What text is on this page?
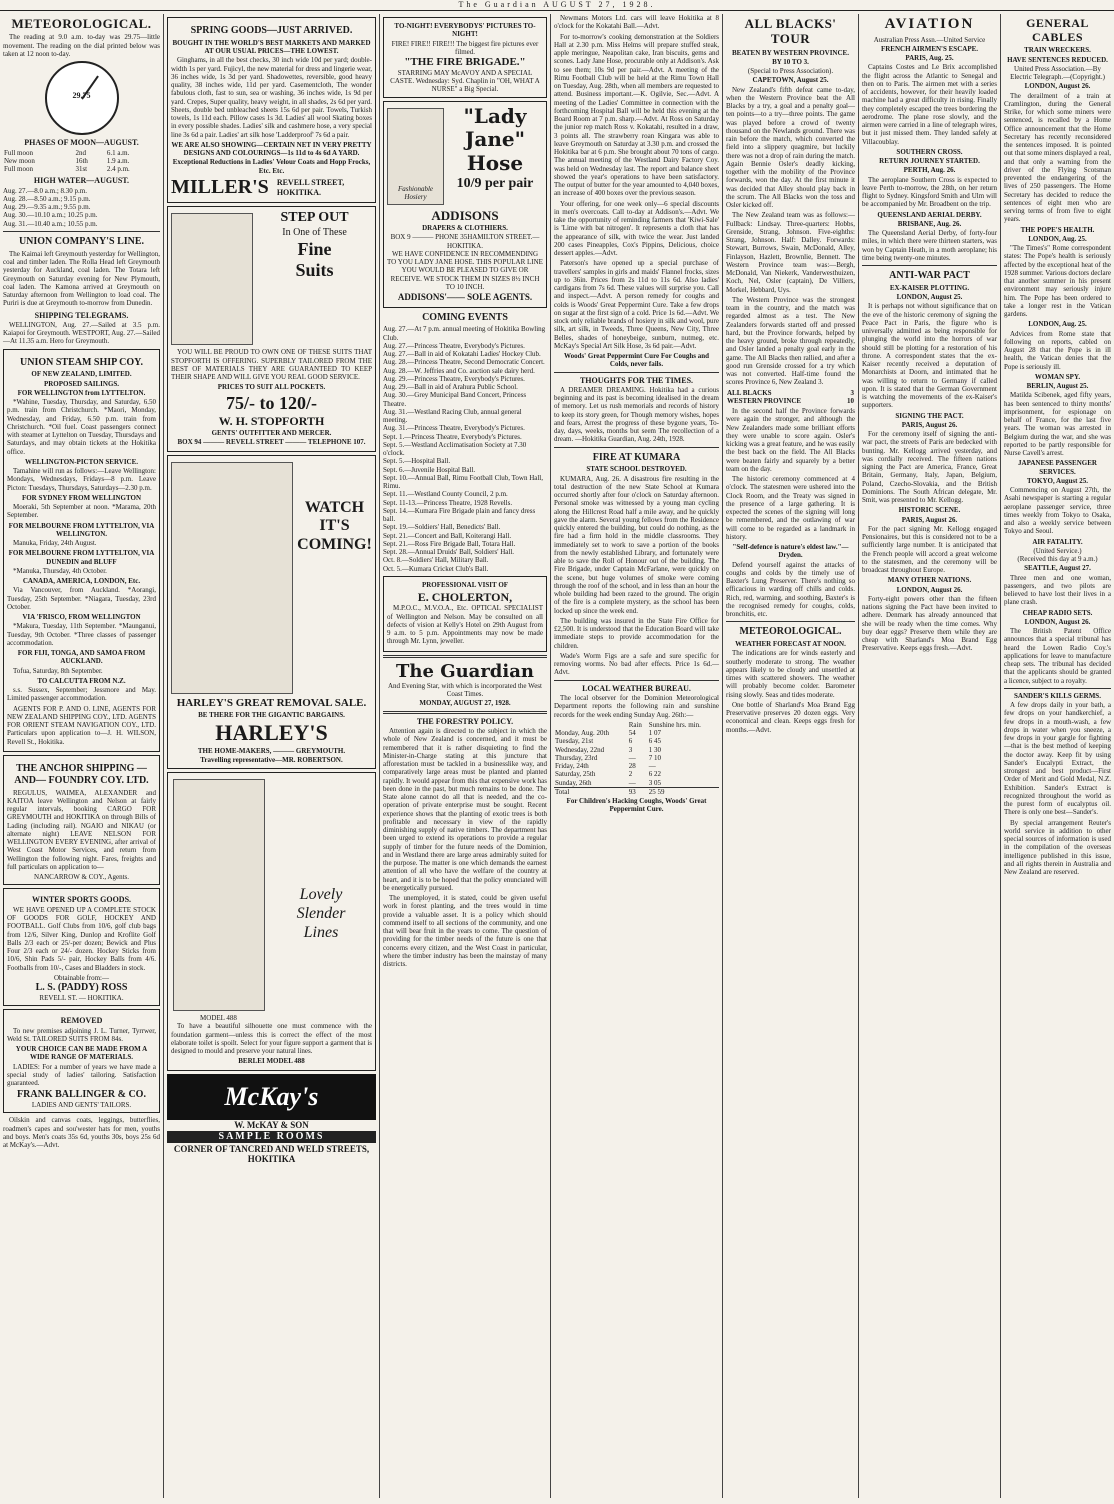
The Guardian AUGUST 27, 1928.
METEOROLOGICAL.

The reading at 9.0 a.m. to-day was 29.75—little movement. The reading on the dial printed below was taken at 12 noon to-day.

29.75
PHASES OF MOON—AUGUST.
Full moon	2nd	6.1 a.m.
New moon	16th	1.9 a.m.
Full moon	31st	2.4 p.m.
HIGH WATER—AUGUST.
Aug. 27.—8.0 a.m.; 8.30 p.m.
Aug. 28.—8.50 a.m.; 9.15 p.m.
Aug. 29.—9.35 a.m.; 9.55 p.m.
Aug. 30.—10.10 a.m.; 10.25 p.m.
Aug. 31.—10.40 a.m.; 10.55 p.m.
UNION COMPANY'S LINE.

The Kaimai left Greymouth yesterday for Wellington, coal and timber laden. The Rolla Head left Greymouth yesterday for Auckland, coal laden. The Totara left Greymouth on Saturday evening for New Plymouth, coal laden. The Kamona arrived at Greymouth on Saturday afternoon from Wellington to load coal. The Puriri is due at Greymouth to-morrow from Dunedin.

SHIPPING TELEGRAMS.

WELLINGTON, Aug. 27.—Sailed at 3.5 p.m. Kaiapoi for Greymouth. WESTPORT, Aug. 27.—Sailed—At 11.35 a.m. Hero for Greymouth.

UNION STEAM SHIP COY.
OF NEW ZEALAND, LIMITED.
PROPOSED SAILINGS.
FOR WELLINGTON from LYTTELTON.

*Wahine, Tuesday, Thursday, and Saturday, 6.50 p.m. train from Christchurch. *Maori, Monday, Wednesday, and Friday, 6.50 p.m. train from Christchurch. *Oil fuel. Coast passengers connect with steamer at Lyttelton on Tuesday, Thursdays and Saturdays, and may obtain tickets at the Hokitika office.

WELLINGTON-PICTON SERVICE.

Tamahine will run as follows:—Leave Wellington: Mondays, Wednesdays, Fridays—8 p.m. Leave Picton: Tuesdays, Thursdays, Saturdays—2.30 p.m.

FOR SYDNEY FROM WELLINGTON

Moeraki, 5th September at noon. *Marama, 20th September.

FOR MELBOURNE FROM LYTTELTON, VIA WELLINGTON.

Manuka, Friday, 24th August.

FOR MELBOURNE FROM LYTTELTON, VIA DUNEDIN and BLUFF

*Manuka, Thursday, 4th October.

CANADA, AMERICA, LONDON, Etc.

Via Vancouver, from Auckland. *Aorangi, Tuesday, 25th September. *Niagara, Tuesday, 23rd October.

VIA 'FRISCO, FROM WELLINGTON

*Makura, Tuesday, 11th September. *Maunganui, Tuesday, 9th October. *Three classes of passenger accommodation.

FOR FIJI, TONGA, AND SAMOA FROM AUCKLAND.

Tofua, Saturday, 8th September.

TO CALCUTTA FROM N.Z.

s.s. Sussex, September; Jessmore and May. Limited passenger accommodation.

AGENTS FOR P. AND O. LINE, AGENTS FOR NEW ZEALAND SHIPPING COY., LTD. AGENTS FOR ORIENT STEAM NAVIGATION COY., LTD. Particulars upon application to—J. H. WILSON, Revell St., Hokitika.

THE ANCHOR SHIPPING —AND— FOUNDRY COY. LTD.

REGULUS, WAIMEA, ALEXANDER and KAITOA leave Wellington and Nelson at fairly regular intervals, booking CARGO FOR GREYMOUTH and HOKITIKA on through Bills of Lading (including rail). NGAIO and NIKAU (or alternate night) LEAVE NELSON FOR WELLINGTON EVERY EVENING, after arrival of West Coast Motor Services, and return from Wellington the following night. Fares, freights and full particulars on application to—

NANCARROW & COY., Agents.
WINTER SPORTS GOODS.

WE HAVE OPENED UP A COMPLETE STOCK OF GOODS FOR GOLF, HOCKEY AND FOOTBALL. Golf Clubs from 10/6, golf club bags from 12/6, Silver King, Dunlop and Kroflite Golf Balls 2/3 each or 25/-per dozen; Bewick and Plus Four 2/3 each or 24/- dozen. Hockey Sticks from 10/6, Shin Pads 5/- pair, Hockey Balls from 4/6. Footballs from 10/-, Cases and Bladders in stock.

Obtainable from:—
L. S. (PADDY) ROSS
REVELL ST. — HOKITIKA.
REMOVED

To new premises adjoining J. L. Turner, Tyrrwer, Weld St. TAILORED SUITS FROM 84s.

YOUR CHOICE CAN BE MADE FROM A WIDE RANGE OF MATERIALS.

LADIES: For a number of years we have made a special study of ladies' tailoring. Satisfaction guaranteed.

FRANK BALLINGER & CO.
LADIES AND GENTS' TAILORS.

Oilskin and canvas coats, leggings, butterflies, roadmen's capes and sou'wester hats for men, youths and boys. Men's coats 35s 6d, youths 30s, boys 25s 6d at McKay's.—Advt.

SPRING GOODS—JUST ARRIVED.
BOUGHT IN THE WORLD'S BEST MARKETS AND MARKED AT OUR USUAL PRICES—THE LOWEST.

Ginghams, in all the best checks, 30 inch wide 10d per yard; double-width 1s per yard. Fujicyl, the new material for dress and lingerie wear, 36 inches wide, 1s 3d per yard. Shadowettes, reversible, good heavy quality, 38 inches wide, 11d per yard. Casementcloth, The wonder fabulous cloth, fast to sun, sea or washing, 36 inches wide, 1s 9d per yard. Crepes, Super quality, heavy weight, in all shades, 2s 6d per yard. Sheets, double bed unbleached sheets 15s 6d per pair. Towels, Turkish towels, 1s 11d each. Pillow cases 1s 3d. Ladies' all wool Skating boxes in every possible shades. Ladies' silk and cashmere hose, a very special line 3s 6d a pair. Ladies' art silk hose 'Ladderproof' 7s 6d a pair.

WE ARE ALSO SHOWING—CERTAIN NET IN VERY PRETTY DESIGNS AND COLOURINGS—1s 11d to 4s 6d A YARD.
Exceptional Reductions in Ladies' Velour Coats and Hopp Frocks, Etc. Etc.
MILLER'S REVELL STREET, HOKITIKA.
STEP OUT
In One of These
Fine
Suits

YOU WILL BE PROUD TO OWN ONE OF THESE SUITS THAT STOPFORTH IS OFFERING. SUPERBLY TAILORED FROM THE BEST OF MATERIALS THEY ARE GUARANTEED TO KEEP THEIR SHAPE AND WILL GIVE YOU REAL GOOD SERVICE.

PRICES TO SUIT ALL POCKETS.
75/- to 120/-
W. H. STOPFORTH
GENTS' OUTFITTER AND MERCER.
BOX 94 ——— REVELL STREET ——— TELEPHONE 107.
WATCH
IT'S
COMING!
HARLEY'S GREAT REMOVAL SALE.
BE THERE FOR THE GIGANTIC BARGAINS.
HARLEY'S
THE HOME-MAKERS, ——— GREYMOUTH.
Travelling representative—MR. ROBERTSON.
MODEL 488
Lovely
Slender
Lines

To have a beautiful silhouette one must commence with the foundation garment—unless this is correct the effect of the most elaborate toilet is spoilt. Select for your figure support a garment that is designed to mould and preserve your natural lines.

BERLEI MODEL 488
McKay's
W. McKAY & SON
SAMPLE ROOMS
CORNER OF TANCRED AND WELD STREETS, HOKITIKA
TO-NIGHT! EVERYBODYS' PICTURES TO-NIGHT!
FIRE! FIRE!! FIRE!!! The biggest fire pictures ever filmed.
"THE FIRE BRIGADE."
STARRING MAY McAVOY AND A SPECIAL CASTE. Wednesday: Syd. Chaplin in "OH, WHAT A NURSE" a Big Special.
Fashionable Hosiery
"Lady Jane"
Hose
10/9 per pair
ADDISONS
DRAPERS & CLOTHIERS.
BOX 9 ——— PHONE 35HAMILTON STREET.—HOKITIKA.
WE HAVE CONFIDENCE IN RECOMMENDING TO YOU LADY JANE HOSE. THIS POPULAR LINE YOU WOULD BE PLEASED TO GIVE OR RECEIVE. WE STOCK THEM IN SIZES 8½ INCH TO 10 INCH.
ADDISONS'—— SOLE AGENTS.
COMING EVENTS
Aug. 27.—At 7 p.m. annual meeting of Hokitika Bowling Club.
Aug. 27.—Princess Theatre, Everybody's Pictures.
Aug. 27.—Ball in aid of Kokatahi Ladies' Hockey Club.
Aug. 28.—Princess Theatre, Second Democratic Concert.
Aug. 28.—W. Jeffries and Co. auction sale dairy herd.
Aug. 29.—Princess Theatre, Everybody's Pictures.
Aug. 29.—Ball in aid of Arahura Public School.
Aug. 30.—Grey Municipal Band Concert, Princess Theatre.
Aug. 31.—Westland Racing Club, annual general meeting.
Aug. 31.—Princess Theatre, Everybody's Pictures.
Sept. 1.—Princess Theatre, Everybody's Pictures.
Sept. 5.—Westland Acclimatisation Society at 7.30 o'clock.
Sept. 5.—Hospital Ball.
Sept. 6.—Juvenile Hospital Ball.
Sept. 10.—Annual Ball, Rimu Football Club, Town Hall, Rimu.
Sept. 11.—Westland County Council, 2 p.m.
Sept. 11-13.—Princess Theatre, 1928 Revells.
Sept. 14.—Kumara Fire Brigade plain and fancy dress ball.
Sept. 19.—Soldiers' Hall, Benedicts' Ball.
Sept. 21.—Concert and Ball, Koiterangi Hall.
Sept. 21.—Ross Fire Brigade Ball, Totara Hall.
Sept. 28.—Annual Druids' Ball, Soldiers' Hall.
Oct. 8.—Soldiers' Hall, Military Ball.
Oct. 5.—Kumara Cricket Club's Ball.
PROFESSIONAL VISIT OF
E. CHOLERTON,

M.P.O.C., M.V.O.A., Etc. OPTICAL SPECIALIST of Wellington and Nelson. May be consulted on all defects of vision at Kelly's Hotel on 29th August from 9 a.m. to 5 p.m. Appointments may now be made through Mr. Lynn, jeweller.

The Guardian
And Evening Star, with which is incorporated the West Coast Times.
MONDAY, AUGUST 27, 1928.
THE FORESTRY POLICY.

Attention again is directed to the subject in which the whole of New Zealand is concerned, and it must be remembered that it is rather disquieting to find the Minister-in-Charge stating at this juncture that afforestation must be tackled in a businesslike way, and comparatively large areas must be planted and planted rapidly. It would appear from this that expensive work has been done in the past, but much remains to be done. The State alone cannot do all that is needed, and the co-operation of private enterprise must be sought. Recent experience shows that the planting of exotic trees is both profitable and necessary in view of the rapidly diminishing supply of native timbers. The department has been urged to extend its operations to provide a regular supply of timber for the future needs of the Dominion, and in Westland there are large areas admirably suited for the purpose. The matter is one which demands the earnest attention of all who have the welfare of the country at heart, and it is to be hoped that the policy enunciated will be energetically pursued.

The unemployed, it is stated, could be given useful work in forest planting, and the trees would in time provide a valuable asset. It is a policy which should commend itself to all sections of the community, and one that will bear fruit in the years to come. The question of providing for the timber needs of the future is one that concerns every citizen, and the West Coast in particular, where the timber industry has been the mainstay of many districts.

Newmans Motors Ltd. cars will leave Hokitika at 8 o'clock for the Kokatahi Ball.—Advt.

For to-morrow's cooking demonstration at the Soldiers Hall at 2.30 p.m. Miss Helms will prepare stuffed steak, apple meringue, Neapolitan cake, Iran biscuits, gems and scones. Lady Jane Hose, procurable only at Addison's. Ask to see them; 10s 9d per pair.—Advt. A meeting of the Rimu Football Club will be held at the Rimu Town Hall on Tuesday, Aug. 28th, when all members are requested to attend. Business important.—K. Ogilvie, Sec.—Advt. A meeting of the Ladies' Committee in connection with the forthcoming Hospital Ball will be held this evening at the Board Room at 7 p.m. sharp.—Advt. At Ross on Saturday the junior rep match Ross v. Kokatahi, resulted in a draw, 3 points all. The strawberry roan Kingara was able to leave Greymouth on Saturday at 3.30 p.m. and crossed the Hokitika bar at 6 p.m. She brought about 70 tons of cargo. The annual meeting of the Westland Dairy Factory Coy. was held on Wednesday last. The report and balance sheet showed the year's operations to have been satisfactory. The output of butter for the year amounted to 4,040 boxes, an increase of 400 boxes over the previous season.

Your offering, for one week only—6 special discounts in men's overcoats. Call to-day at Addison's.—Advt. We take the opportunity of reminding farmers that 'Kiwi-Sale' is 'Lime with bat nitrogen'. It represents a cloth that has the appearance of silk, with twice the wear. Just landed 200 cases Pineapples, Cox's Pippins, Delicious, choice dessert apples.—Advt.

Paterson's have opened up a special purchase of travellers' samples in girls and maids' Flannel frocks, sizes up to 36in. Prices from 2s 11d to 11s 6d. Also ladies' cardigans from 7s 6d. These values will surprise you. Call and inspect.—Advt. A person remedy for coughs and colds is Woods' Great Peppermint Cure. Take a few drops on sugar at the first sign of a cold. Price 1s 6d.—Advt. We stock only reliable brands of hosiery in silk and wool, pure silk, art silk, in Tweeds, Three Queens, New City, Three Belles, shades of honeybeige, sunburn, nutmeg, etc. McKay's Special Art Silk Hose, 3s 6d pair.—Advt.

Woods' Great Peppermint Cure For Coughs and Colds, never fails.
THOUGHTS FOR THE TIMES.

A DREAMER DREAMING. Hokitika had a curious beginning and its past is becoming idealised in the dream of memory. Let us rush memorials and records of history to keep its story green, for Though memory wishes, hopes and fears, Arrest the progress of these bygone years, To-day, days, weeks, months but seem The recollection of a dream. —Hokitika Guardian, Aug. 24th, 1928.

FIRE AT KUMARA
STATE SCHOOL DESTROYED.

KUMARA, Aug. 26. A disastrous fire resulting in the total destruction of the new State School at Kumara occurred shortly after four o'clock on Saturday afternoon. Personal smoke was witnessed by a young man cycling along the Hillcrest Road half a mile away, and he quickly gave the alarm. Several young fellows from the Residence quickly entered the building, but could do nothing, as the fire had a firm hold in the middle classrooms. They immediately set to work to save a portion of the books from the newly established Library, and fortunately were able to save the Roll of Honour out of the building. The Fire Brigade, under Captain McFarlane, were quickly on the scene, but huge volumes of smoke were coming through the roof of the school, and in less than an hour the whole building had been razed to the ground. The origin of the fire is a complete mystery, as the school has been locked up since the week end.

The building was insured in the State Fire Office for £2,500. It is understood that the Education Board will take immediate steps to provide accommodation for the children.

Wade's Worm Figs are a safe and sure specific for removing worms. No bad after effects. Price 1s 6d.—Advt.

LOCAL WEATHER BUREAU.

The local observer for the Dominion Meteorological Department reports the following rain and sunshine records for the week ending Sunday Aug. 26th:—

	Rain	Sunshine hrs. min.
Monday, Aug. 20th	54	1 07
Tuesday, 21st	6	6 45
Wednesday, 22nd	3	1 30
Thursday, 23rd	—	7 10
Friday, 24th	28	—
Saturday, 25th	2	6 22
Sunday, 26th	—	3 05
Total	93	25 59
For Children's Hacking Coughs, Woods' Great Peppermint Cure.
ALL BLACKS' TOUR
BEATEN BY WESTERN PROVINCE.
BY 10 TO 3.
(Special to Press Association).
CAPETOWN, August 25.

New Zealand's fifth defeat came to-day, when the Western Province beat the All Blacks by a try, a goal and a penalty goal—ten points—to a try—three points. The game was played before a crowd of twenty thousand on the Newlands ground. There was rain before the match, which converted the field into a slippery quagmire, but luckily there was not a drop of rain during the match. Again Bennie Osler's deadly kicking, together with the mobility of the Province forwards, won the day. At the first minute it was decided that Alley should play back in the scrum. The All Blacks won the toss and Osler kicked off.

The New Zealand team was as follows:—Fullback: Lindsay. Three-quarters: Hobbs, Grenside, Strang, Johnson. Five-eighths: Strang, Johnson. Half: Dalley. Forwards: Stewart, Burrows, Swain, McDonald, Alley, Finlayson, Hazlett, Brownlie, Bennett. The Western Province team was:—Bergh, McDonald, Van Niekerk, Vanderwesthuizen, Koch, Nel, Osler (captain), De Villiers, Morkel, Hebbard, Uys.

The Western Province was the strongest team in the country, and the match was regarded almost as a test. The New Zealanders forwards started off and pressed hard, but the Province forwards, helped by the heavy ground, broke through repeatedly, and Osler landed a penalty goal early in the game. The All Blacks then rallied, and after a good run Grenside crossed for a try which was not converted. Half-time found the scores Province 6, New Zealand 3.

ALL BLACKS	3
WESTERN PROVINCE	10

In the second half the Province forwards were again the stronger, and although the New Zealanders made some brilliant efforts they were unable to score again. Osler's kicking was a great feature, and he was easily the best back on the field. The All Blacks were beaten fairly and squarely by a better team on the day.

The historic ceremony commenced at 4 o'clock. The statesmen were ushered into the Clock Room, and the Treaty was signed in the presence of a large gathering. It is expected the scenes of the signing will long be remembered, and the outlawing of war will come to be regarded as a landmark in history.

"Self-defence is nature's eldest law."—Dryden.

Defend yourself against the attacks of coughs and colds by the timely use of Baxter's Lung Preserver. There's nothing so efficacious in warding off chills and colds. Rich, red, warming, and soothing, Baxter's is the recognised remedy for coughs, colds, bronchitis, etc.

METEOROLOGICAL.
WEATHER FORECAST AT NOON.

The indications are for winds easterly and southerly moderate to strong. The weather appears likely to be cloudy and unsettled at times with scattered showers. The weather will probably become colder. Barometer rising slowly. Seas and tides moderate.

One bottle of Sharland's Moa Brand Egg Preservative preserves 20 dozen eggs. Very economical and clean. Keeps eggs fresh for months.—Advt.

AVIATION
Australian Press Assn.—United Service
FRENCH AIRMEN'S ESCAPE.
PARIS, Aug. 25.

Captains Costes and Le Brix accomplished the flight across the Atlantic to Senegal and then on to Paris. The airmen met with a series of accidents, however, for their heavily loaded machine had a great difficulty in rising. Finally they completely escaped the trees bordering the aerodrome. The plane rose slowly, and the airmen were carried in a line of telegraph wires, but it just missed them. They landed safely at Villacoublay.

SOUTHERN CROSS.
RETURN JOURNEY STARTED.
PERTH, Aug. 26.

The aeroplane Southern Cross is expected to leave Perth to-morrow, the 28th, on her return flight to Sydney. Kingsford Smith and Ulm will be accompanied by Mr. Broadbent on the trip.

QUEENSLAND AERIAL DERBY.
BRISBANE, Aug. 26.

The Queensland Aerial Derby, of forty-four miles, in which there were thirteen starters, was won by Captain Heath, in a moth aeroplane; his time being twenty-one minutes.

ANTI-WAR PACT
EX-KAISER PLOTTING.
LONDON, August 25.

It is perhaps not without significance that on the eve of the historic ceremony of signing the Peace Pact in Paris, the figure who is universally admitted as being responsible for plunging the world into the horrors of war should still be plotting for a restoration of his throne. A correspondent states that the ex-Kaiser recently received a deputation of Monarchists at Doorn, and intimated that he was willing to return to Germany if called upon. It is stated that the German Government is watching the movements of the ex-Kaiser's supporters.

SIGNING THE PACT.
PARIS, August 26.

For the ceremony itself of signing the anti-war pact, the streets of Paris are bedecked with bunting. Mr. Kellogg arrived yesterday, and was cordially received. The fifteen nations signing the Pact are America, France, Great Britain, Germany, Italy, Japan, Belgium, Poland, Czecho-Slovakia, and the British Dominions. The South African delegate, Mr. Smit, was presented to Mr. Kellogg.

HISTORIC SCENE.
PARIS, August 26.

For the pact signing Mr. Kellogg engaged Pensionaires, but this is considered not to be a sufficiently large number. It is anticipated that the French people will accord a great welcome to the statesmen, and the ceremony will be broadcast throughout Europe.

MANY OTHER NATIONS.
LONDON, August 26.

Forty-eight powers other than the fifteen nations signing the Pact have been invited to adhere. Denmark has already announced that she will be ready when the time comes. Why buy dear eggs? Preserve them while they are cheap with Sharland's Moa Brand Egg Preservative. Keeps eggs fresh.—Advt.

GENERAL CABLES
TRAIN WRECKERS.
HAVE SENTENCES REDUCED.
United Press Association.—By Electric Telegraph.—(Copyright.)
LONDON, August 26.

The derailment of a train at Cramlington, during the General Strike, for which some miners were sentenced, is recalled by a Home Office announcement that the Home Secretary has recently reconsidered the sentences imposed. It is pointed out that some miners displayed a real, and that only a warning from the driver of the Flying Scotsman prevented the endangering of the lives of 250 passengers. The Home Secretary has decided to reduce the sentences of eight men who are serving terms of from five to eight years.

THE POPE'S HEALTH.
LONDON, Aug. 25.

"The Times's" Rome correspondent states: The Pope's health is seriously affected by the exceptional heat of the 1928 summer. Various doctors declare that another summer in his present environment may seriously injure him. The Pope has been ordered to take a longer rest in the Vatican gardens.

LONDON, Aug. 25.

Advices from Rome state that following on reports, cabled on August 28 that the Pope is in ill health, the Vatican denies that the Pope is seriously ill.

WOMAN SPY.
BERLIN, August 25.

Matilda Scibenek, aged fifty years, has been sentenced to thirty months' imprisonment, for espionage on behalf of France, for the last five years. The woman was arrested in Belgium during the war, and she was reported to be partly responsible for Nurse Cavell's arrest.

JAPANESE PASSENGER SERVICES.
TOKYO, August 25.

Commencing on August 27th, the Asahi newspaper is starting a regular aeroplane passenger service, three times weekly from Tokyo to Osaka, and also a weekly service between Tokyo and Seoul.

AIR FATALITY.
(United Service.)
(Received this day at 9 a.m.)
SEATTLE, August 27.

Three men and one woman, passengers, and two pilots are believed to have lost their lives in a plane crash.

CHEAP RADIO SETS.
LONDON, August 26.

The British Patent Office announces that a special tribunal has heard the Lowen Radio Coy.'s applications for leave to manufacture cheap sets. The tribunal has decided that the applicants should be granted a licence, subject to a royalty.

SANDER'S KILLS GERMS.

A few drops daily in your bath, a few drops on your handkerchief, a few drops in a mouth-wash, a few drops in water when you sneeze, a few drops in your gargle for fighting—that is the best method of keeping the doctor away. Keep fit by using Sander's Eucalypti Extract, the strongest and best product—First Order of Merit and Gold Medal, N.Z. Exhibition. Sander's Extract is recognized throughout the world as the purest form of eucalyptus oil. There is only one best—Sander's.

By special arrangement Reuter's world service in addition to other special sources of information is used in the compilation of the overseas intelligence published in this issue, and all rights therein in Australia and New Zealand are reserved.
